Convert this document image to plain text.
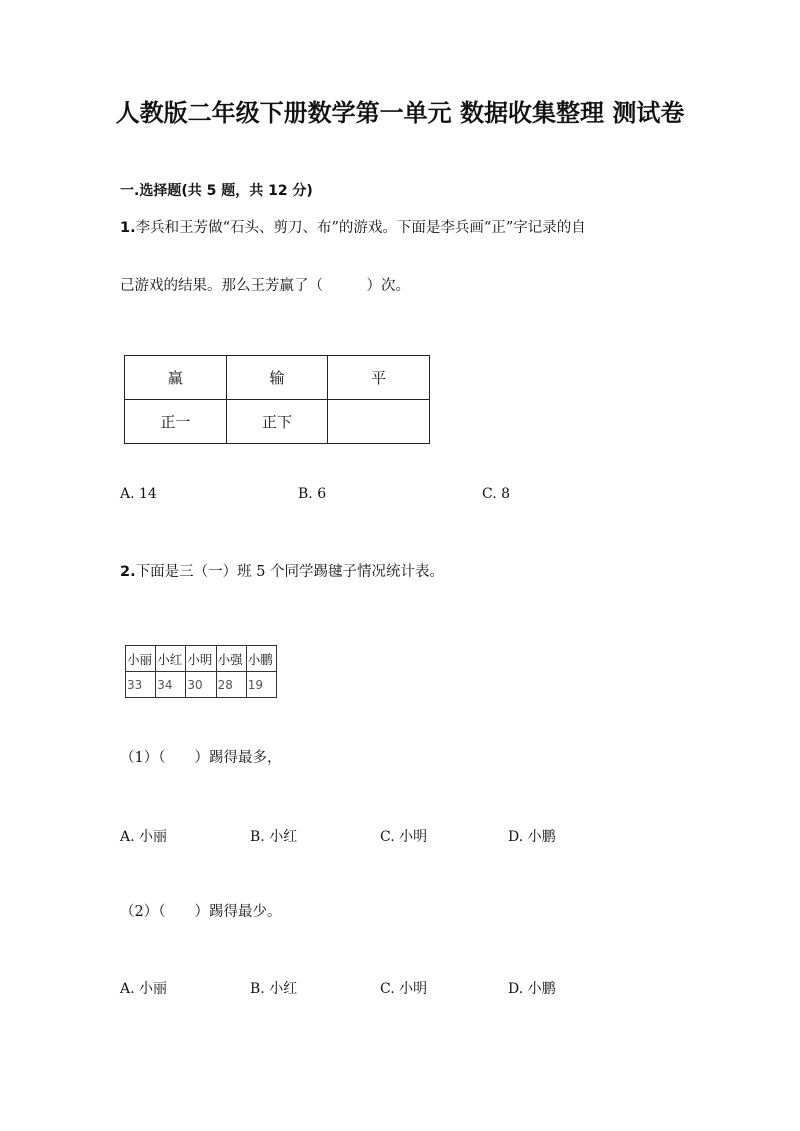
人教版二年级下册数学第一单元 数据收集整理 测试卷
一.选择题(共 5 题，共 12 分)
1.李兵和王芳做“石头、剪刀、布”的游戏。下面是李兵画“正”字记录的自
己游戏的结果。那么王芳赢了（　　　）次。
赢	输	平
正一	正下	
A. 14	B. 6	C. 8
2.下面是三（一）班 5 个同学踢毽子情况统计表。
小丽	小红	小明	小强	小鹏
33	34	30	28	19
（1）（　　）踢得最多，
A. 小丽	B. 小红	C. 小明	D. 小鹏
（2）（　　）踢得最少。
A. 小丽	B. 小红	C. 小明	D. 小鹏
